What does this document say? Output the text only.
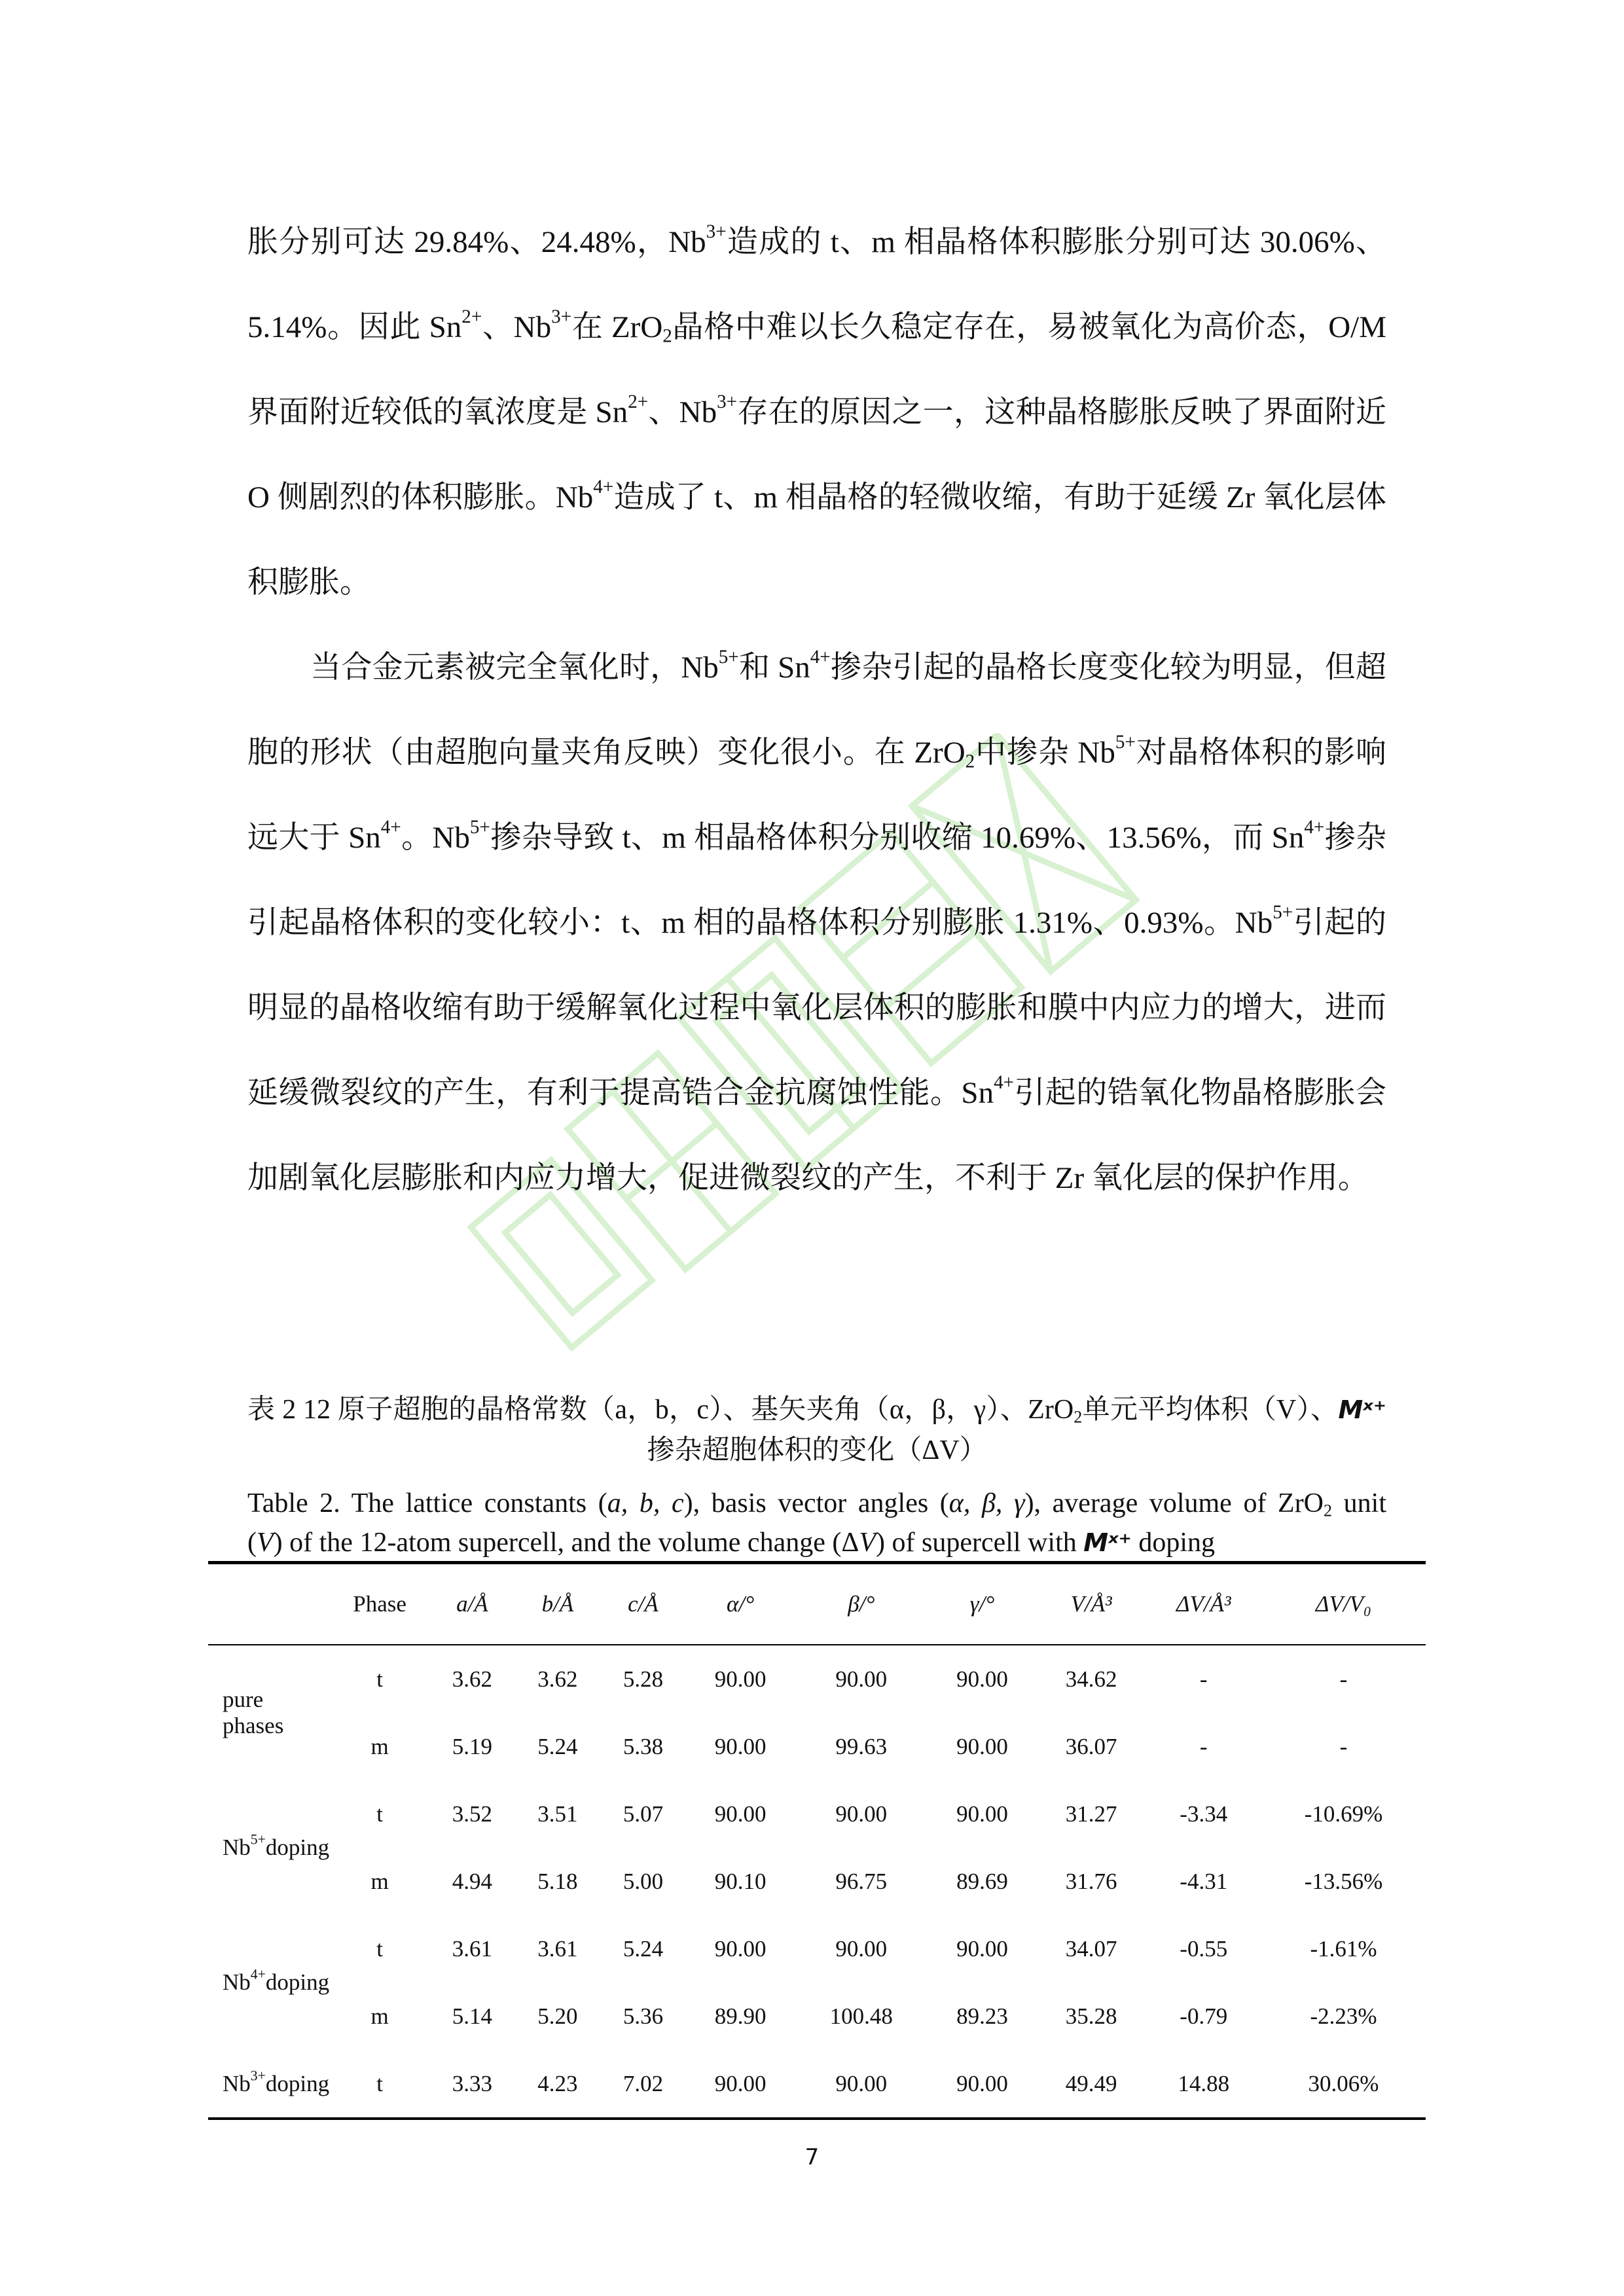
胀分别可达 29.84%、24.48%，$Nb^{3+}$造成的 t、m 相晶格体积膨胀分别可达 30.06%、5.14%。因此 $Sn^{2+}$、$Nb^{3+}$在 ZrO$_2$晶格中难以长久稳定存在，易被氧化为高价态，O/M 界面附近较低的氧浓度是 $Sn^{2+}$、$Nb^{3+}$存在的原因之一，这种晶格膨胀反映了界面附近 O 侧剧烈的体积膨胀。$Nb^{4+}$造成了 t、m 相晶格的轻微收缩，有助于延缓 Zr 氧化层体积膨胀。

当合金元素被完全氧化时，$Nb^{5+}$和 $Sn^{4+}$掺杂引起的晶格长度变化较为明显，但超胞的形状（由超胞向量夹角反映）变化很小。在 ZrO$_2$中掺杂 $Nb^{5+}$对晶格体积的影响远大于 $Sn^{4+}$。$Nb^{5+}$掺杂导致 t、m 相晶格体积分别收缩 10.69%、13.56%，而 $Sn^{4+}$掺杂引起晶格体积的变化较小：t、m 相的晶格体积分别膨胀 1.31%、0.93%。$Nb^{5+}$引起的明显的晶格收缩有助于缓解氧化过程中氧化层体积的膨胀和膜中内应力的增大，进而延缓微裂纹的产生，有利于提高锆合金抗腐蚀性能。$Sn^{4+}$引起的锆氧化物晶格膨胀会加剧氧化层膨胀和内应力增大，促进微裂纹的产生，不利于 Zr 氧化层的保护作用。

表 2 12 原子超胞的晶格常数（a，b，c）、基矢夹角（α，β，γ）、ZrO$_2$单元平均体积（V）、Mˣ⁺
掺杂超胞体积的变化（ΔV）
Table 2. The lattice constants (a, b, c), basis vector angles (α, β, γ), average volume of ZrO$_2$ unit
(V) of the 12-atom supercell, and the volume change (ΔV) of supercell with Mˣ⁺ doping
	Phase	a/Å	b/Å	c/Å	α/°	β/°	γ/°	V/Å³	ΔV/Å³	ΔV/V₀
pure phases	t	3.62	3.62	5.28	90.00	90.00	90.00	34.62	-	-
	m	5.19	5.24	5.38	90.00	99.63	90.00	36.07	-	-
$Nb^{5+}doping$	t	3.52	3.51	5.07	90.00	90.00	90.00	31.27	-3.34	-10.69%
	m	4.94	5.18	5.00	90.10	96.75	89.69	31.76	-4.31	-13.56%
$Nb^{4+}doping$	t	3.61	3.61	5.24	90.00	90.00	90.00	34.07	-0.55	-1.61%
	m	5.14	5.20	5.36	89.90	100.48	89.23	35.28	-0.79	-2.23%
$Nb^{3+}doping$	t	3.33	4.23	7.02	90.00	90.00	90.00	49.49	14.88	30.06%
7
